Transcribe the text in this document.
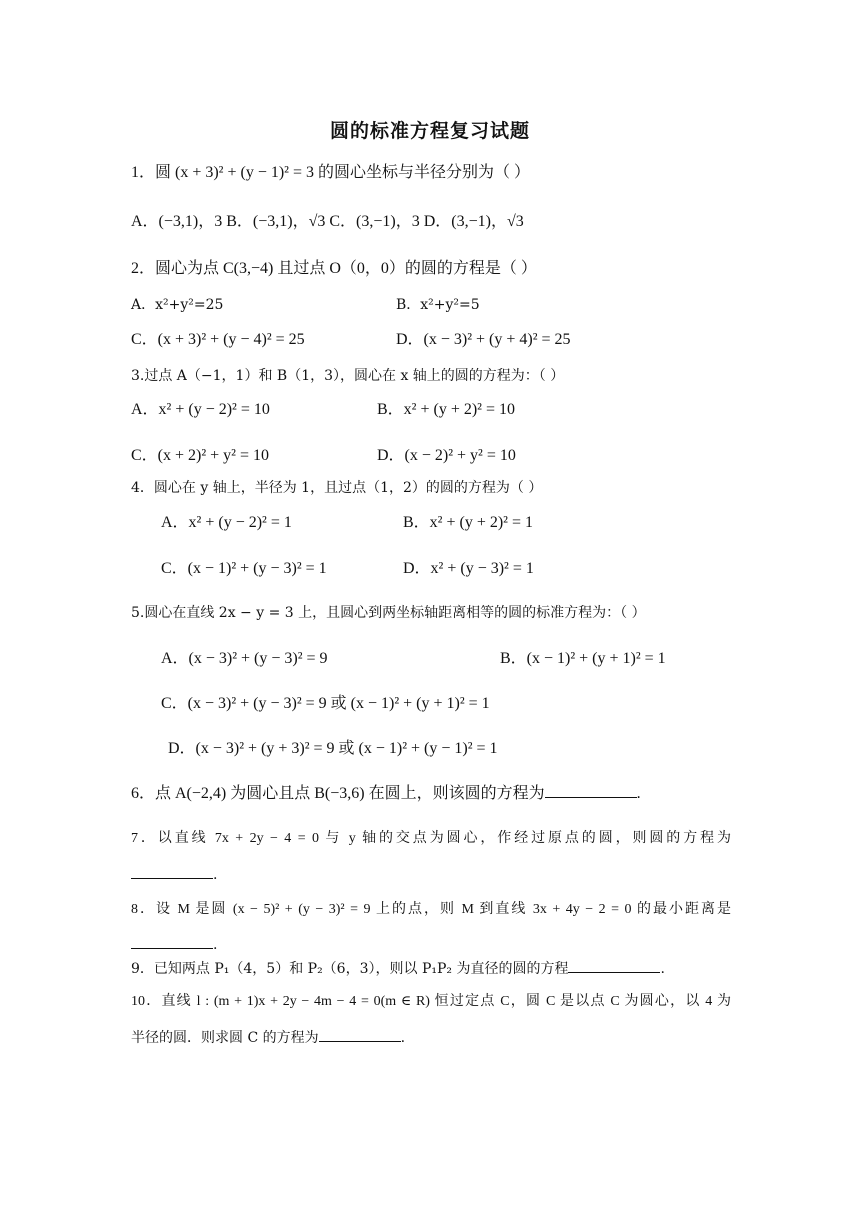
圆的标准方程复习试题
1．圆 (x + 3)² + (y − 1)² = 3 的圆心坐标与半径分别为（ ）
A．(−3,1)，3 B．(−3,1)，√3 C．(3,−1)，3 D．(3,−1)，√3
2．圆心为点 C(3,−4) 且过点 O（0，0）的圆的方程是（ ）
A．x²+y²=25	B．x²+y²=5
C．(x + 3)² + (y − 4)² = 25	D．(x − 3)² + (y + 4)² = 25
3.过点 A（−1，1）和 B（1，3），圆心在 x 轴上的圆的方程为：（ ）
A．x² + (y − 2)² = 10	B．x² + (y + 2)² = 10
C．(x + 2)² + y² = 10	D．(x − 2)² + y² = 10
4．圆心在 y 轴上，半径为 1，且过点（1，2）的圆的方程为（ ）
A．x² + (y − 2)² = 1	B．x² + (y + 2)² = 1
C．(x − 1)² + (y − 3)² = 1	D．x² + (y − 3)² = 1
5.圆心在直线 2x − y = 3 上，且圆心到两坐标轴距离相等的圆的标准方程为：（ ）
A．(x − 3)² + (y − 3)² = 9	B．(x − 1)² + (y + 1)² = 1
C．(x − 3)² + (y − 3)² = 9 或 (x − 1)² + (y + 1)² = 1
D．(x − 3)² + (y + 3)² = 9 或 (x − 1)² + (y − 1)² = 1
6．点 A(−2,4) 为圆心且点 B(−3,6) 在圆上，则该圆的方程为	.
7．以直线 7x + 2y − 4 = 0 与 y 轴的交点为圆心，作经过原点的圆，则圆的方程为
.
8．设 M 是圆 (x − 5)² + (y − 3)² = 9 上的点，则 M 到直线 3x + 4y − 2 = 0 的最小距离是
.
9．已知两点 P₁（4，5）和 P₂（6，3），则以 P₁P₂ 为直径的圆的方程	.
10．直线 l : (m + 1)x + 2y − 4m − 4 = 0(m ∈ R) 恒过定点 C，圆 C 是以点 C 为圆心，以 4 为
半径的圆．则求圆 C 的方程为	.
